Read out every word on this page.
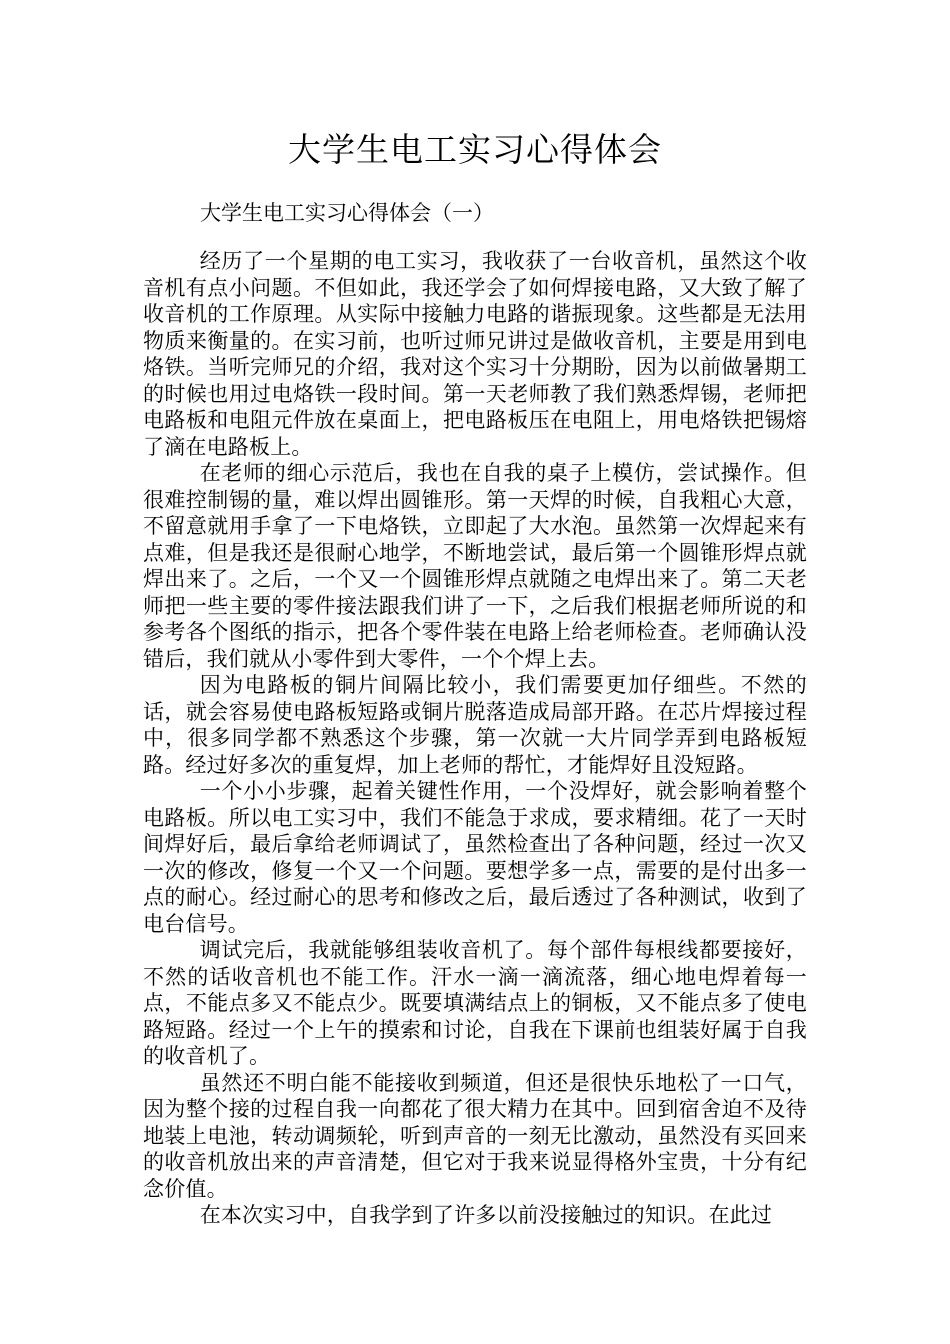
大学生电工实习心得体会

大学生电工实习心得体会（一）

经历了一个星期的电工实习，我收获了一台收音机，虽然这个收音机有点小问题。不但如此，我还学会了如何焊接电路，又大致了解了收音机的工作原理。从实际中接触力电路的谐振现象。这些都是无法用物质来衡量的。在实习前，也听过师兄讲过是做收音机，主要是用到电烙铁。当听完师兄的介绍，我对这个实习十分期盼，因为以前做暑期工的时候也用过电烙铁一段时间。第一天老师教了我们熟悉焊锡，老师把电路板和电阻元件放在桌面上，把电路板压在电阻上，用电烙铁把锡熔了滴在电路板上。

在老师的细心示范后，我也在自我的桌子上模仿，尝试操作。但很难控制锡的量，难以焊出圆锥形。第一天焊的时候，自我粗心大意，不留意就用手拿了一下电烙铁，立即起了大水泡。虽然第一次焊起来有点难，但是我还是很耐心地学，不断地尝试，最后第一个圆锥形焊点就焊出来了。之后，一个又一个圆锥形焊点就随之电焊出来了。第二天老师把一些主要的零件接法跟我们讲了一下，之后我们根据老师所说的和参考各个图纸的指示，把各个零件装在电路上给老师检查。老师确认没错后，我们就从小零件到大零件，一个个焊上去。

因为电路板的铜片间隔比较小，我们需要更加仔细些。不然的话，就会容易使电路板短路或铜片脱落造成局部开路。在芯片焊接过程中，很多同学都不熟悉这个步骤，第一次就一大片同学弄到电路板短路。经过好多次的重复焊，加上老师的帮忙，才能焊好且没短路。

一个小小步骤，起着关键性作用，一个没焊好，就会影响着整个电路板。所以电工实习中，我们不能急于求成，要求精细。花了一天时间焊好后，最后拿给老师调试了，虽然检查出了各种问题，经过一次又一次的修改，修复一个又一个问题。要想学多一点，需要的是付出多一点的耐心。经过耐心的思考和修改之后，最后透过了各种测试，收到了电台信号。

调试完后，我就能够组装收音机了。每个部件每根线都要接好，不然的话收音机也不能工作。汗水一滴一滴流落，细心地电焊着每一点，不能点多又不能点少。既要填满结点上的铜板，又不能点多了使电路短路。经过一个上午的摸索和讨论，自我在下课前也组装好属于自我的收音机了。

虽然还不明白能不能接收到频道，但还是很快乐地松了一口气，因为整个接的过程自我一向都花了很大精力在其中。回到宿舍迫不及待地装上电池，转动调频轮，听到声音的一刻无比激动，虽然没有买回来的收音机放出来的声音清楚，但它对于我来说显得格外宝贵，十分有纪念价值。

在本次实习中，自我学到了许多以前没接触过的知识。在此过
